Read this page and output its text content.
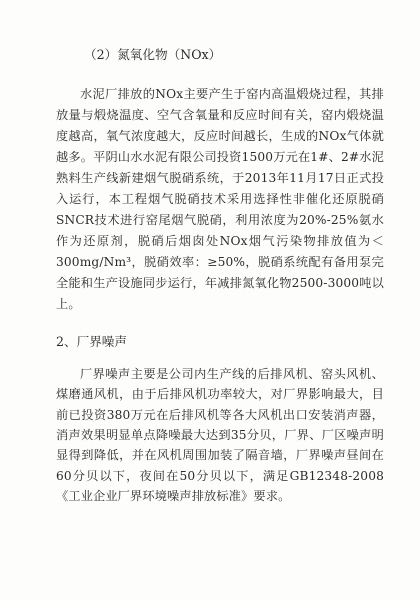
（2）氮氧化物（NOx）

水泥厂排放的NOx主要产生于窑内高温煅烧过程，其排放量与煅烧温度、空气含氧量和反应时间有关，窑内煅烧温度越高，氧气浓度越大，反应时间越长，生成的NOx气体就越多。平阴山水水泥有限公司投资1500万元在1#、2#水泥熟料生产线新建烟气脱硝系统，于2013年11月17日正式投入运行，本工程烟气脱硝技术采用选择性非催化还原脱硝SNCR技术进行窑尾烟气脱硝，利用浓度为20%-25%氨水作为还原剂，脱硝后烟囱处NOx烟气污染物排放值为＜300mg/Nm³，脱硝效率：≥50%，脱硝系统配有备用泵完全能和生产设施同步运行，年减排氮氧化物2500-3000吨以上。

2、厂界噪声

厂界噪声主要是公司内生产线的后排风机、窑头风机、煤磨通风机，由于后排风机功率较大，对厂界影响最大，目前已投资380万元在后排风机等各大风机出口安装消声器，消声效果明显单点降噪最大达到35分贝，厂界、厂区噪声明显得到降低，并在风机周围加装了隔音墙，厂界噪声昼间在60分贝以下，夜间在50分贝以下，满足GB12348-2008《工业企业厂界环境噪声排放标准》要求。
